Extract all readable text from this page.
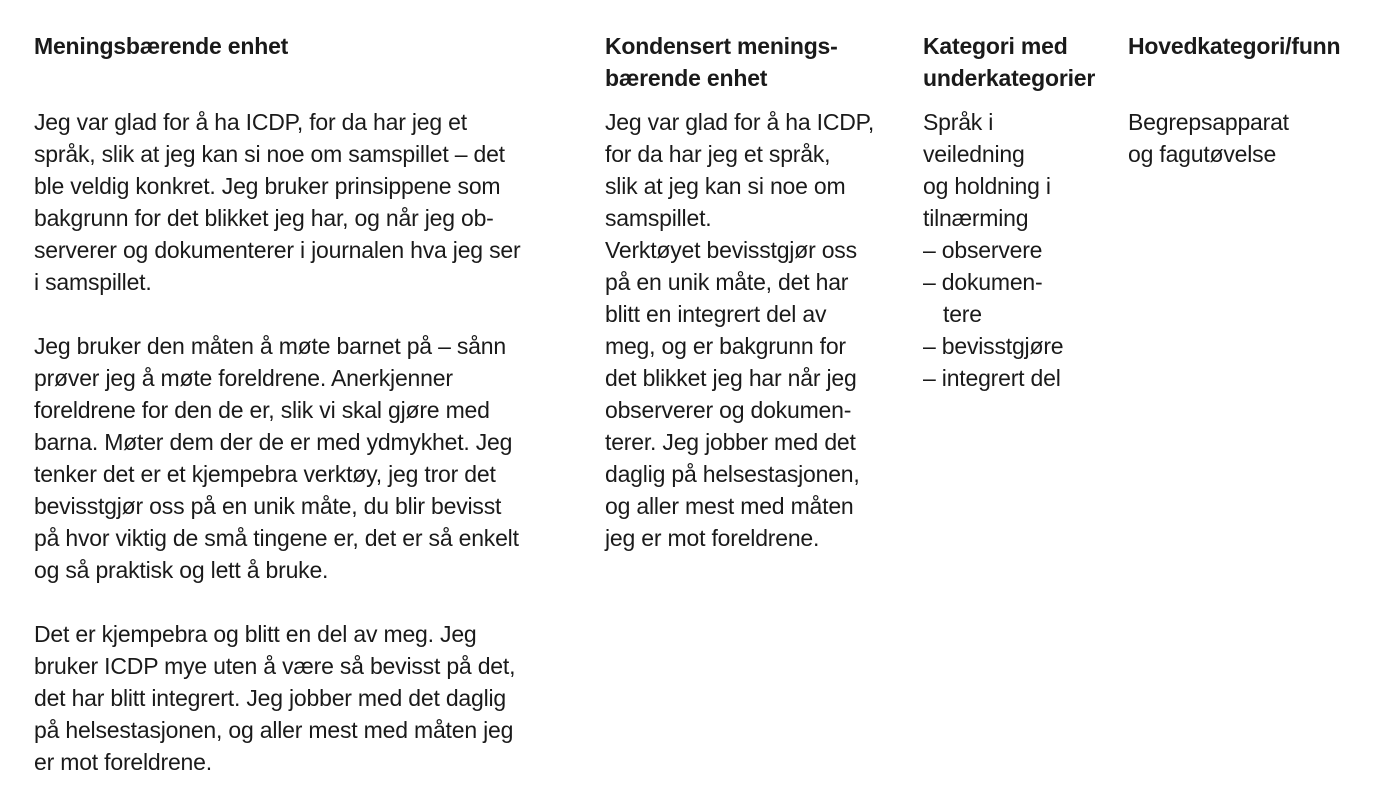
Meningsbærende enhet
Jeg var glad for å ha ICDP, for da har jeg et
språk, slik at jeg kan si noe om samspillet – det
ble veldig konkret. Jeg bruker prinsippene som
bakgrunn for det blikket jeg har, og når jeg ob-
serverer og dokumenterer i journalen hva jeg ser
i samspillet.
Jeg bruker den måten å møte barnet på – sånn
prøver jeg å møte foreldrene. Anerkjenner
foreldrene for den de er, slik vi skal gjøre med
barna. Møter dem der de er med ydmykhet. Jeg
tenker det er et kjempebra verktøy, jeg tror det
bevisstgjør oss på en unik måte, du blir bevisst
på hvor viktig de små tingene er, det er så enkelt
og så praktisk og lett å bruke.
Det er kjempebra og blitt en del av meg. Jeg
bruker ICDP mye uten å være så bevisst på det,
det har blitt integrert. Jeg jobber med det daglig
på helsestasjonen, og aller mest med måten jeg
er mot foreldrene.
Kondensert menings-
bærende enhet
Jeg var glad for å ha ICDP,
for da har jeg et språk,
slik at jeg kan si noe om
samspillet.
Verktøyet bevisstgjør oss
på en unik måte, det har
blitt en integrert del av
meg, og er bakgrunn for
det blikket jeg har når jeg
observerer og dokumen-
terer. Jeg jobber med det
daglig på helsestasjonen,
og aller mest med måten
jeg er mot foreldrene.
Kategori med
underkategorier
Språk i
veiledning
og holdning i
tilnærming
– observere
– dokumen-
tere
– bevisstgjøre
– integrert del
Hovedkategori/funn
Begrepsapparat
og fagutøvelse
